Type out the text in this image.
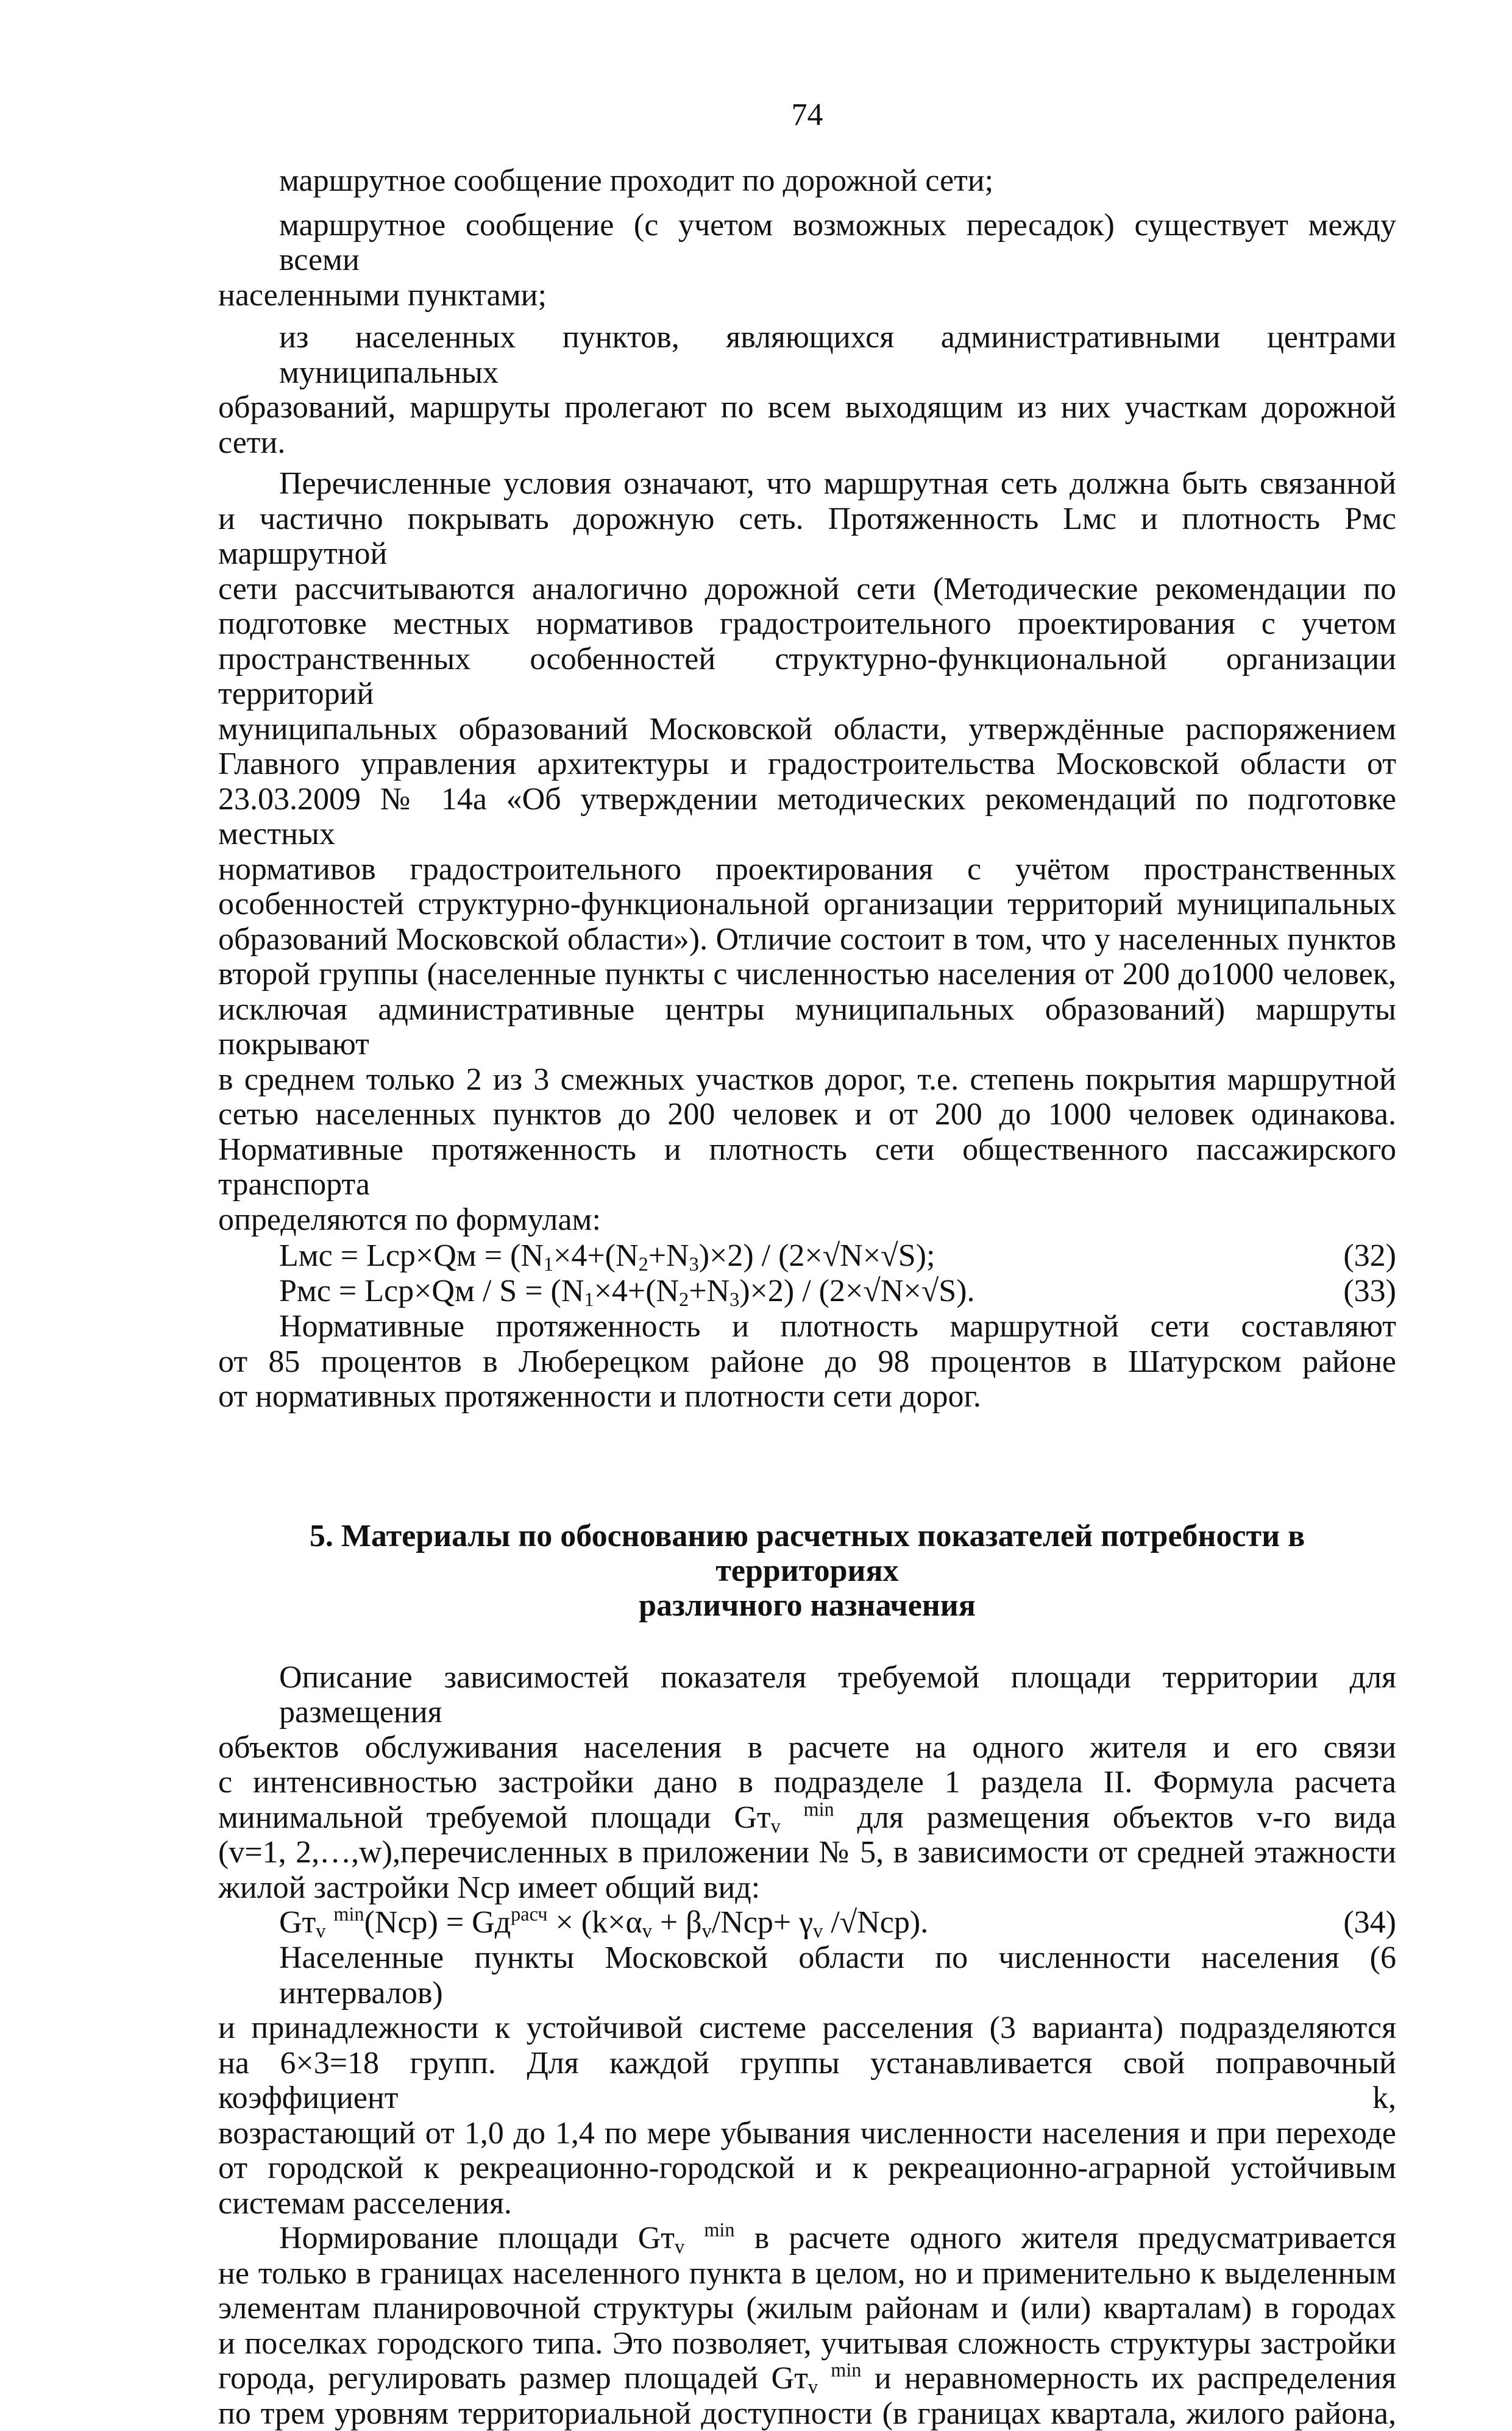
74
маршрутное сообщение проходит по дорожной сети;
маршрутное сообщение (с учетом возможных пересадок) существует между всеми
населенными пунктами;
из населенных пунктов, являющихся административными центрами муниципальных
образований, маршруты пролегают по всем выходящим из них участкам дорожной сети.
Перечисленные условия означают, что маршрутная сеть должна быть связанной
и частично покрывать дорожную сеть. Протяженность Lмс и плотность Pмс маршрутной
сети рассчитываются аналогично дорожной сети (Методические рекомендации по
подготовке местных нормативов градостроительного проектирования с учетом
пространственных особенностей структурно-функциональной организации территорий
муниципальных образований Московской области, утверждённые распоряжением
Главного управления архитектуры и градостроительства Московской области от
23.03.2009 № 14а «Об утверждении методических рекомендаций по подготовке местных
нормативов градостроительного проектирования с учётом пространственных
особенностей структурно-функциональной организации территорий муниципальных
образований Московской области»). Отличие состоит в том, что у населенных пунктов
второй группы (населенные пункты с численностью населения от 200 до1000 человек,
исключая административные центры муниципальных образований) маршруты покрывают
в среднем только 2 из 3 смежных участков дорог, т.е. степень покрытия маршрутной
сетью населенных пунктов до 200 человек и от 200 до 1000 человек одинакова.
Нормативные протяженность и плотность сети общественного пассажирского транспорта
определяются по формулам:
Lмс = $Lср\times Qм = (N_1\times 4+(N_2+N_3)\times 2) / (2\times√N\times√S)$;	(32)
Pмс = $Lср\times Qм / S = (N_1\times 4+(N_2+N_3)\times 2) / (2\times√N\times√S)$.	(33)
Нормативные протяженность и плотность маршрутной сети составляют
от 85 процентов в Люберецком районе до 98 процентов в Шатурском районе
от нормативных протяженности и плотности сети дорог.
5. Материалы по обоснованию расчетных показателей потребности в территориях
различного назначения
Описание зависимостей показателя требуемой площади территории для размещения
объектов обслуживания населения в расчете на одного жителя и его связи
с интенсивностью застройки дано в подразделе 1 раздела II. Формула расчета
минимальной требуемой площади $Gт_v$ $^{min}$ для размещения объектов v-го вида
(v=1, 2,…,w),перечисленных в приложении № 5, в зависимости от средней этажности
жилой застройки Nср имеет общий вид:
$Gт_v$ $^{min}(Nср) = Gд^{расч} \times (k\times\alpha_v + \beta_v/Nср+ \gamma_v$ /√Nср).	(34)
Населенные пункты Московской области по численности населения (6 интервалов)
и принадлежности к устойчивой системе расселения (3 варианта) подразделяются
на 6×3=18 групп. Для каждой группы устанавливается свой поправочный коэффициент k,
возрастающий от 1,0 до 1,4 по мере убывания численности населения и при переходе
от городской к рекреационно-городской и к рекреационно-аграрной устойчивым
системам расселения.
Нормирование площади $Gт_v$ $^{min}$ в расчете одного жителя предусматривается
не только в границах населенного пункта в целом, но и применительно к выделенным
элементам планировочной структуры (жилым районам и (или) кварталам) в городах
и поселках городского типа. Это позволяет, учитывая сложность структуры застройки
города, регулировать размер площадей $Gт_v$ $^{min}$ и неравномерность их распределения
по трем уровням территориальной доступности (в границах квартала, жилого района,
